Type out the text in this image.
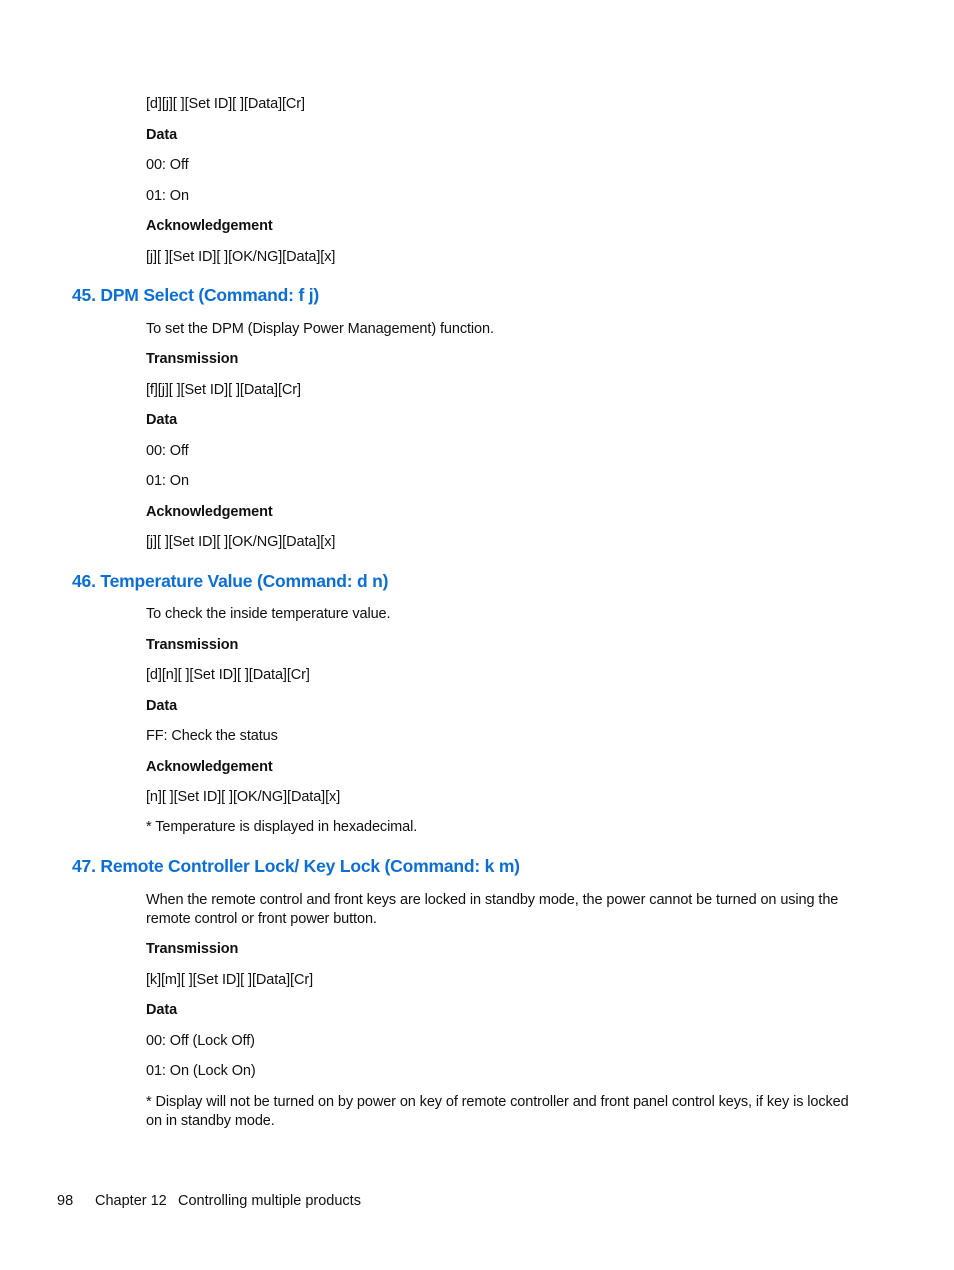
[d][j][ ][Set ID][ ][Data][Cr]
Data
00: Off
01: On
Acknowledgement
[j][ ][Set ID][ ][OK/NG][Data][x]
45. DPM Select (Command: f j)
To set the DPM (Display Power Management) function.
Transmission
[f][j][ ][Set ID][ ][Data][Cr]
Data
00: Off
01: On
Acknowledgement
[j][ ][Set ID][ ][OK/NG][Data][x]
46. Temperature Value (Command: d n)
To check the inside temperature value.
Transmission
[d][n][ ][Set ID][ ][Data][Cr]
Data
FF: Check the status
Acknowledgement
[n][ ][Set ID][ ][OK/NG][Data][x]
* Temperature is displayed in hexadecimal.
47. Remote Controller Lock/ Key Lock (Command: k m)
When the remote control and front keys are locked in standby mode, the power cannot be turned on using the remote control or front power button.
Transmission
[k][m][ ][Set ID][ ][Data][Cr]
Data
00: Off (Lock Off)
01: On (Lock On)
* Display will not be turned on by power on key of remote controller and front panel control keys, if key is locked on in standby mode.
98 Chapter 12 Controlling multiple products
